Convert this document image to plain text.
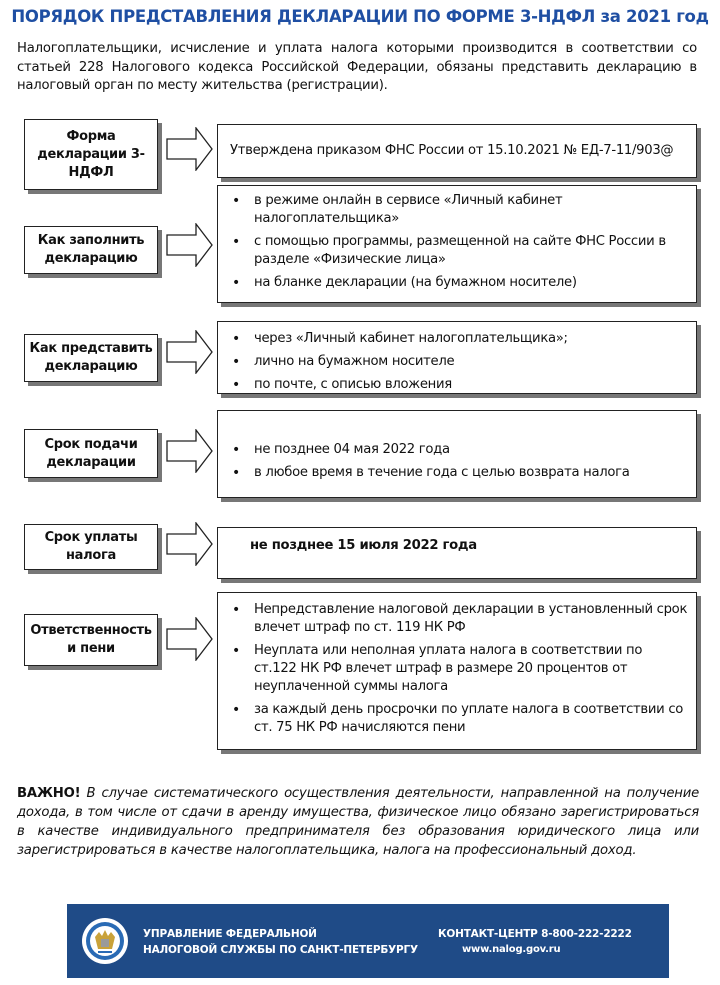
ПОРЯДОК ПРЕДСТАВЛЕНИЯ ДЕКЛАРАЦИИ ПО ФОРМЕ 3-НДФЛ за 2021 год
Налогоплательщики, исчисление и уплата налога которыми производится в соответствии со статьей 228 Налогового кодекса Российской Федерации, обязаны представить декларацию в налоговый орган по месту жительства (регистрации).
Форма декларации 3-НДФЛ
Утверждена приказом ФНС России от 15.10.2021 № ЕД-7-11/903@
Как заполнить декларацию
• в режиме онлайн в сервисе «Личный кабинет налогоплательщика»
• с помощью программы, размещенной на сайте ФНС России в разделе «Физические лица»
• на бланке декларации (на бумажном носителе)
Как представить декларацию
• через «Личный кабинет налогоплательщика»;
• лично на бумажном носителе
• по почте, с описью вложения
Срок подачи декларации
• не позднее 04 мая 2022 года
• в любое время в течение года с целью возврата налога
Срок уплаты налога
не позднее 15 июля 2022 года
Ответственность и пени
• Непредставление налоговой декларации в установленный срок влечет штраф по ст. 119 НК РФ
• Неуплата или неполная уплата налога в соответствии по ст.122 НК РФ влечет штраф в размере 20 процентов от неуплаченной суммы налога
• за каждый день просрочки по уплате налога в соответствии со ст. 75 НК РФ начисляются пени
ВАЖНО! В случае систематического осуществления деятельности, направленной на получение дохода, в том числе от сдачи в аренду имущества, физическое лицо обязано зарегистрироваться в качестве индивидуального предпринимателя без образования юридического лица или зарегистрироваться в качестве налогоплательщика, налога на профессиональный доход.
УПРАВЛЕНИЕ ФЕДЕРАЛЬНОЙ
НАЛОГОВОЙ СЛУЖБЫ ПО САНКТ-ПЕТЕРБУРГУ
КОНТАКТ-ЦЕНТР 8-800-222-2222
www.nalog.gov.ru
